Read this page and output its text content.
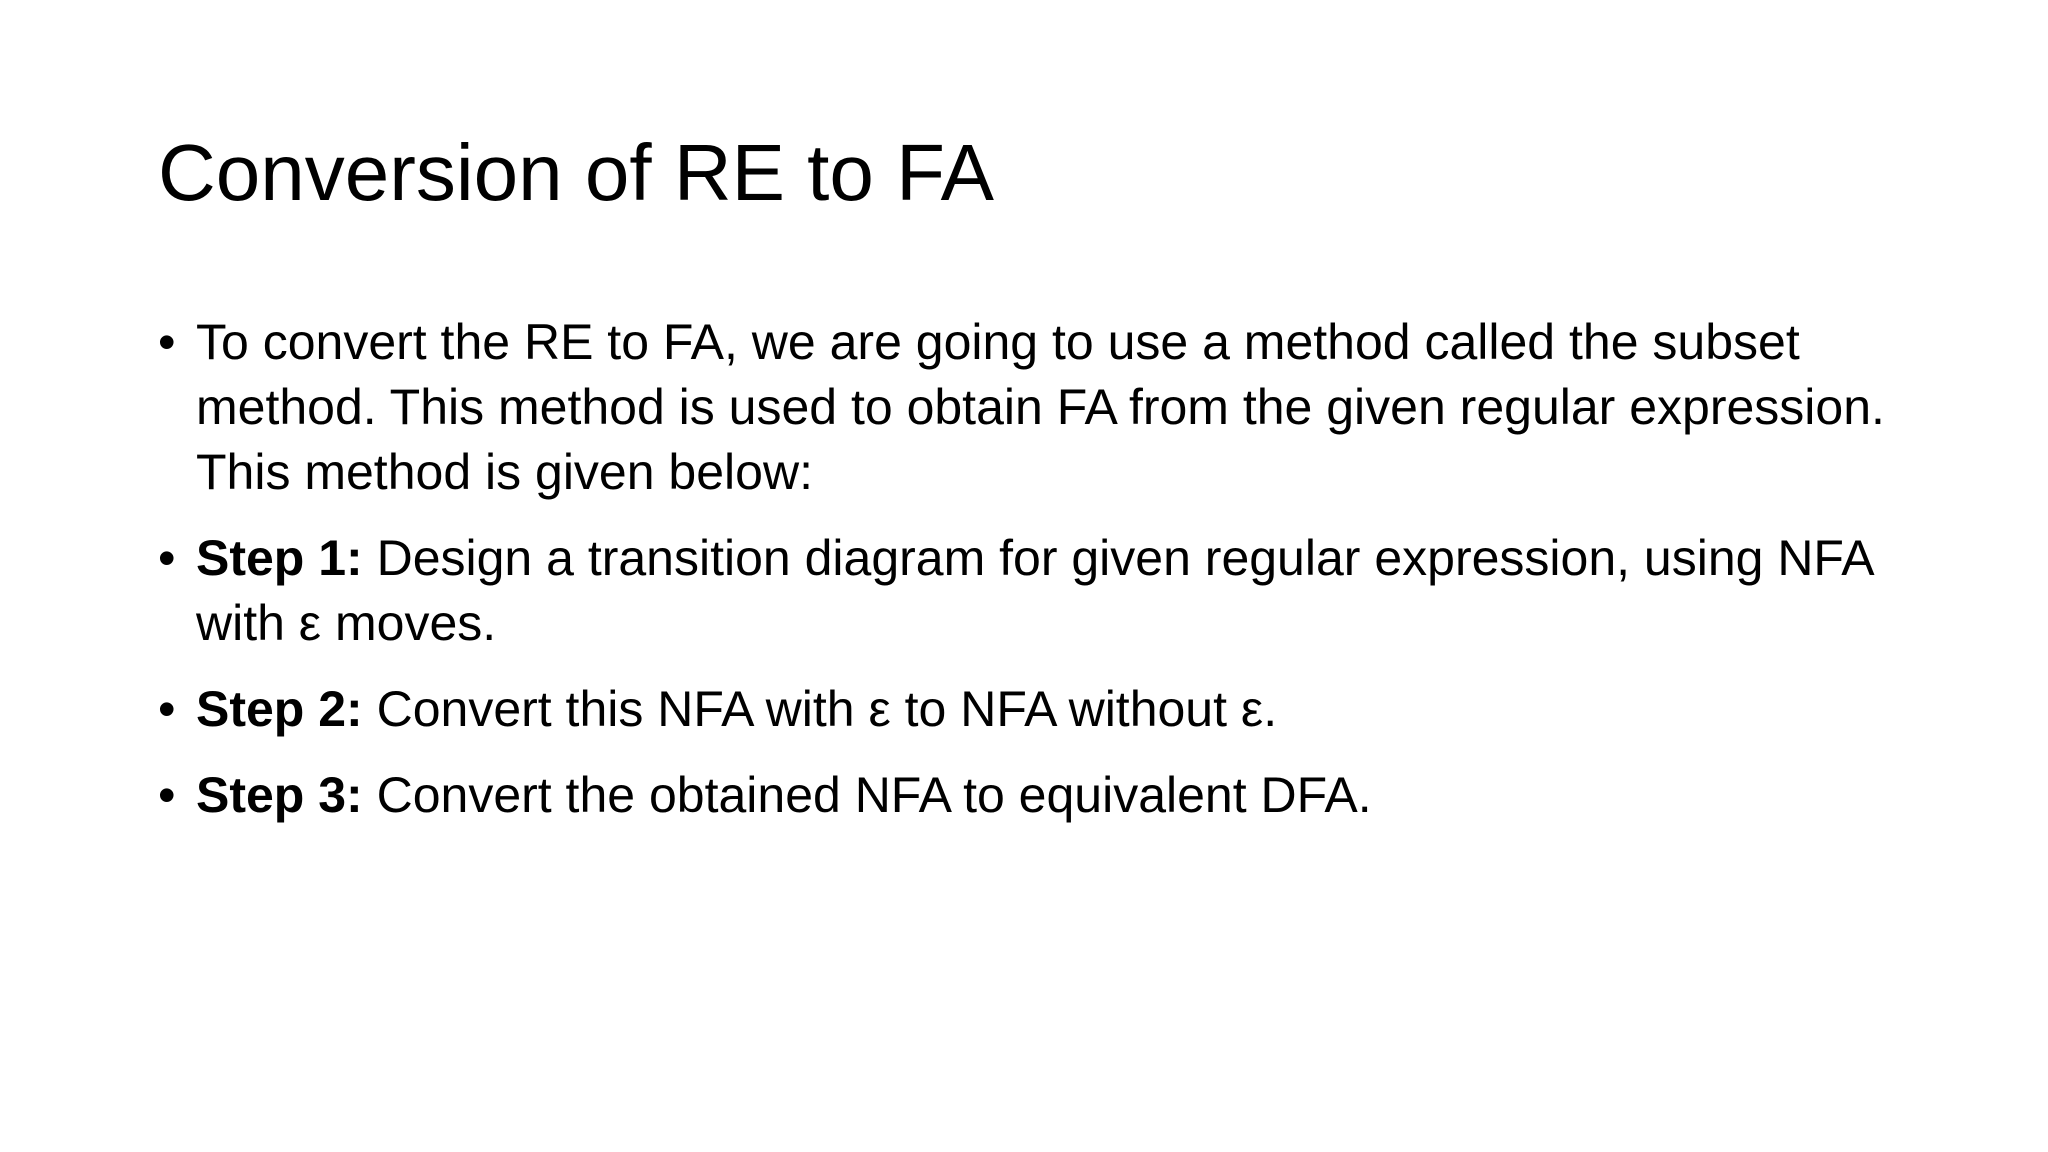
Conversion of RE to FA
• To convert the RE to FA, we are going to use a method called the subset method. This method is used to obtain FA from the given regular expression. This method is given below:
• Step 1: Design a transition diagram for given regular expression, using NFA with ε moves.
• Step 2: Convert this NFA with ε to NFA without ε.
• Step 3: Convert the obtained NFA to equivalent DFA.
